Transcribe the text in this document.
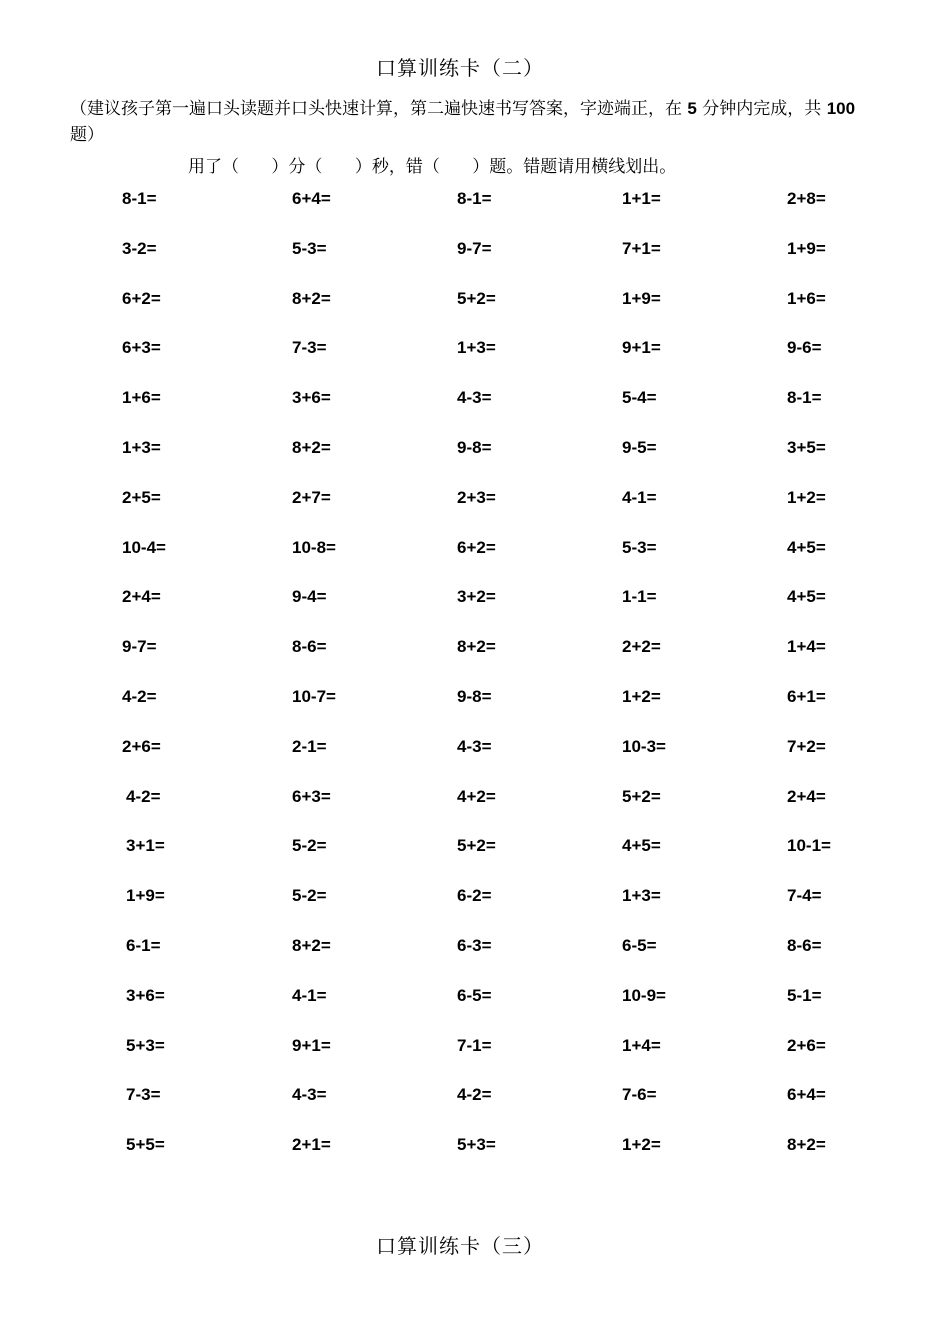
口算训练卡（二）
（建议孩子第一遍口头读题并口头快速计算，第二遍快速书写答案，字迹端正，在 5 分钟内完成，共 100 题）
用了（      ）分（      ）秒，错（      ）题。错题请用横线划出。
8-1=	6+4=	8-1=	1+1=	2+8=
3-2=	5-3=	9-7=	7+1=	1+9=
6+2=	8+2=	5+2=	1+9=	1+6=
6+3=	7-3=	1+3=	9+1=	9-6=
1+6=	3+6=	4-3=	5-4=	8-1=
1+3=	8+2=	9-8=	9-5=	3+5=
2+5=	2+7=	2+3=	4-1=	1+2=
10-4=	10-8=	6+2=	5-3=	4+5=
2+4=	9-4=	3+2=	1-1=	4+5=
9-7=	8-6=	8+2=	2+2=	1+4=
4-2=	10-7=	9-8=	1+2=	6+1=
2+6=	2-1=	4-3=	10-3=	7+2=
4-2=	6+3=	4+2=	5+2=	2+4=
3+1=	5-2=	5+2=	4+5=	10-1=
1+9=	5-2=	6-2=	1+3=	7-4=
6-1=	8+2=	6-3=	6-5=	8-6=
3+6=	4-1=	6-5=	10-9=	5-1=
5+3=	9+1=	7-1=	1+4=	2+6=
7-3=	4-3=	4-2=	7-6=	6+4=
5+5=	2+1=	5+3=	1+2=	8+2=
口算训练卡（三）
